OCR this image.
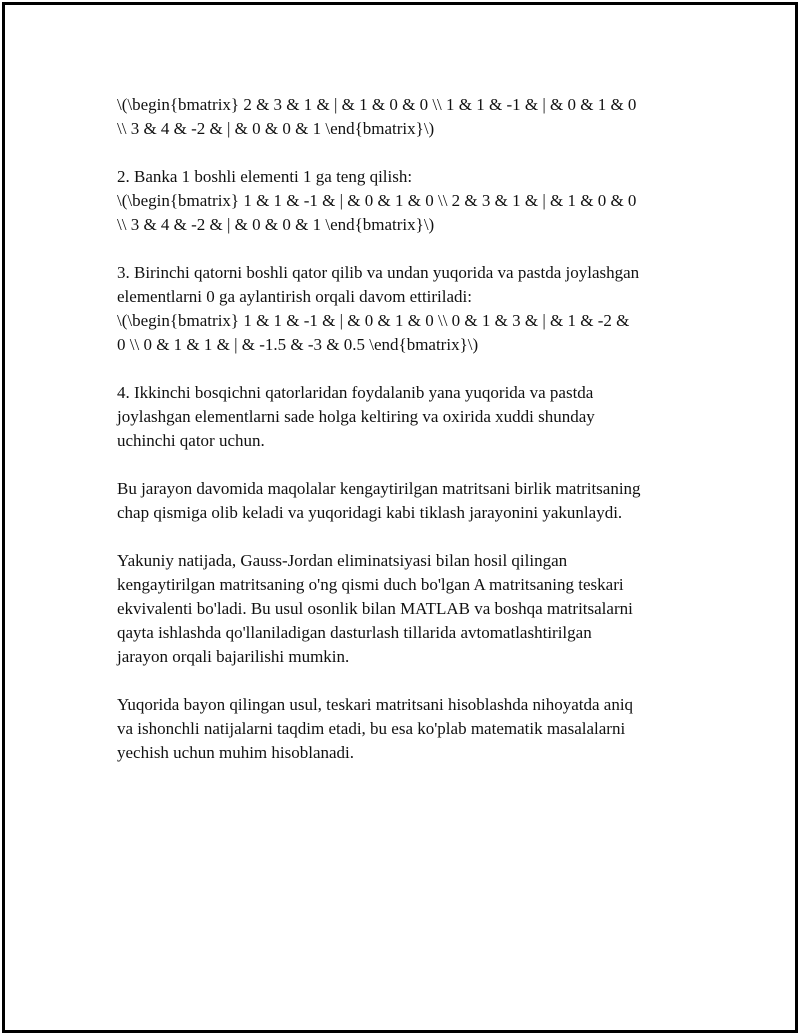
\(\begin{bmatrix} 2 & 3 & 1 & | & 1 & 0 & 0 \\ 1 & 1 & -1 & | & 0 & 1 & 0
\\ 3 & 4 & -2 & | & 0 & 0 & 1 \end{bmatrix}\)

2. Banka 1 boshli elementi 1 ga teng qilish:
\(\begin{bmatrix} 1 & 1 & -1 & | & 0 & 1 & 0 \\ 2 & 3 & 1 & | & 1 & 0 & 0
\\ 3 & 4 & -2 & | & 0 & 0 & 1 \end{bmatrix}\)

3. Birinchi qatorni boshli qator qilib va undan yuqorida va pastda joylashgan
elementlarni 0 ga aylantirish orqali davom ettiriladi:
\(\begin{bmatrix} 1 & 1 & -1 & | & 0 & 1 & 0 \\ 0 & 1 & 3 & | & 1 & -2 &
0 \\ 0 & 1 & 1 & | & -1.5 & -3 & 0.5 \end{bmatrix}\)

4. Ikkinchi bosqichni qatorlaridan foydalanib yana yuqorida va pastda
joylashgan elementlarni sade holga keltiring va oxirida xuddi shunday
uchinchi qator uchun.

Bu jarayon davomida maqolalar kengaytirilgan matritsani birlik matritsaning
chap qismiga olib keladi va yuqoridagi kabi tiklash jarayonini yakunlaydi.

Yakuniy natijada, Gauss-Jordan eliminatsiyasi bilan hosil qilingan
kengaytirilgan matritsaning o'ng qismi duch bo'lgan A matritsaning teskari
ekvivalenti bo'ladi. Bu usul osonlik bilan MATLAB va boshqa matritsalarni
qayta ishlashda qo'llaniladigan dasturlash tillarida avtomatlashtirilgan
jarayon orqali bajarilishi mumkin.

Yuqorida bayon qilingan usul, teskari matritsani hisoblashda nihoyatda aniq
va ishonchli natijalarni taqdim etadi, bu esa ko'plab matematik masalalarni
yechish uchun muhim hisoblanadi.
